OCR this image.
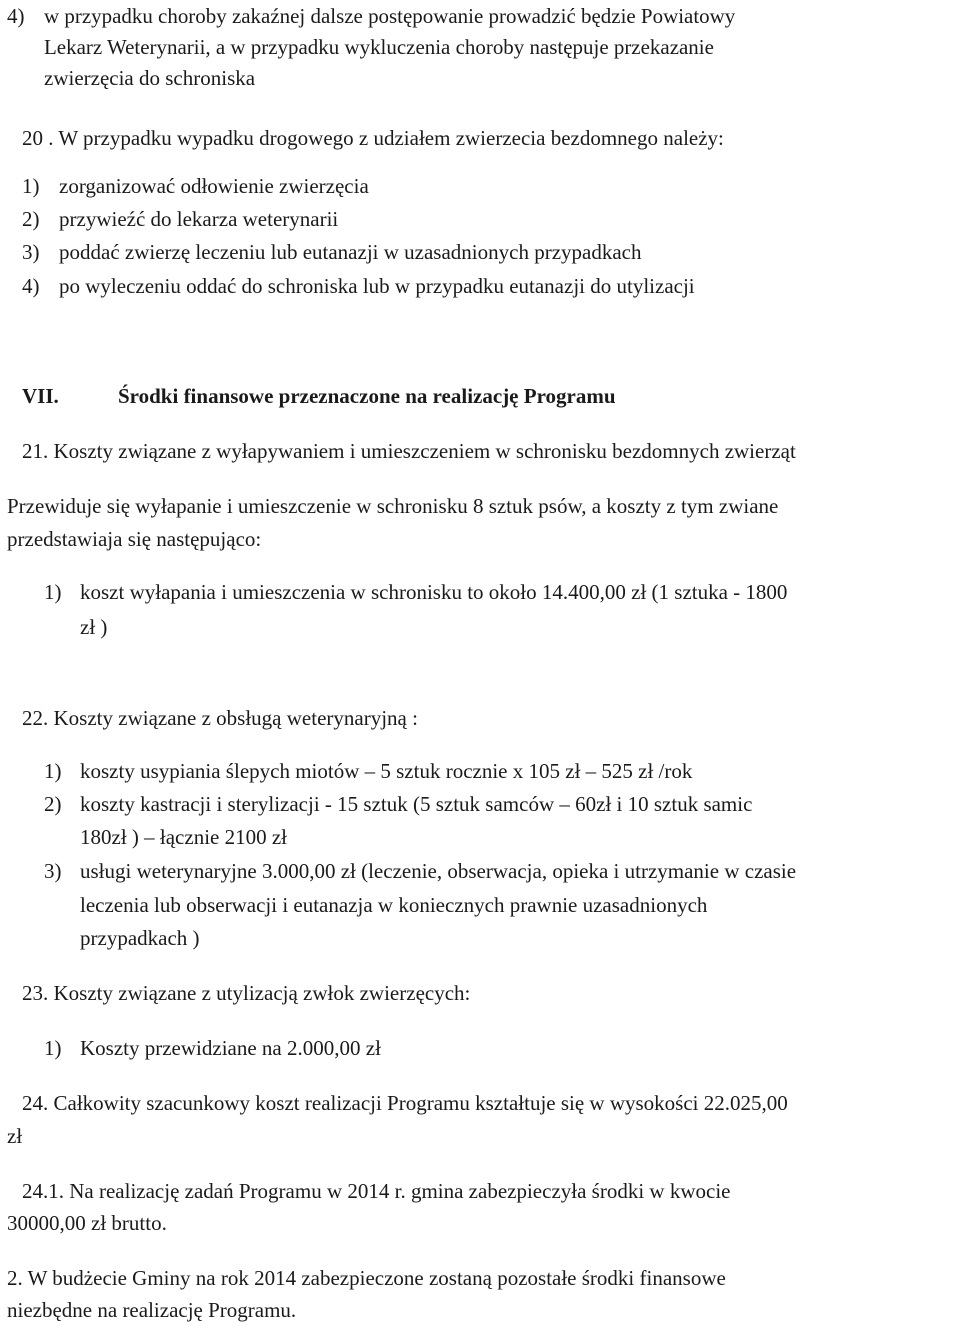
4) w przypadku choroby zakaźnej dalsze postępowanie prowadzić będzie Powiatowy
Lekarz Weterynarii, a w przypadku wykluczenia choroby następuje przekazanie
zwierzęcia do schroniska
20 . W przypadku wypadku drogowego z udziałem zwierzecia bezdomnego należy:
1) zorganizować odłowienie zwierzęcia
2) przywieźć do lekarza weterynarii
3) poddać zwierzę leczeniu lub eutanazji w uzasadnionych przypadkach
4) po wyleczeniu oddać do schroniska lub w przypadku eutanazji do utylizacji
VII.	Środki finansowe przeznaczone na realizację Programu
21. Koszty związane z wyłapywaniem i umieszczeniem w schronisku bezdomnych zwierząt
Przewiduje się wyłapanie i umieszczenie w schronisku 8 sztuk psów, a koszty z tym zwiane
przedstawiaja się następująco:
1) koszt wyłapania i umieszczenia w schronisku to około 14.400,00 zł (1 sztuka - 1800
zł )
22. Koszty związane z obsługą weterynaryjną :
1) koszty usypiania ślepych miotów – 5 sztuk rocznie x 105 zł – 525 zł /rok
2) koszty kastracji i sterylizacji - 15 sztuk (5 sztuk samców – 60zł i 10 sztuk samic
180zł ) – łącznie 2100 zł
3) usługi weterynaryjne 3.000,00 zł (leczenie, obserwacja, opieka i utrzymanie w czasie
leczenia lub obserwacji i eutanazja w koniecznych prawnie uzasadnionych
przypadkach )
23. Koszty związane z utylizacją zwłok zwierzęcych:
1) Koszty przewidziane na 2.000,00 zł
24. Całkowity szacunkowy koszt realizacji Programu kształtuje się w wysokości 22.025,00
zł
24.1. Na realizację zadań Programu w 2014 r. gmina zabezpieczyła środki w kwocie
30000,00 zł brutto.
2. W budżecie Gminy na rok 2014 zabezpieczone zostaną pozostałe środki finansowe
niezbędne na realizację Programu.
